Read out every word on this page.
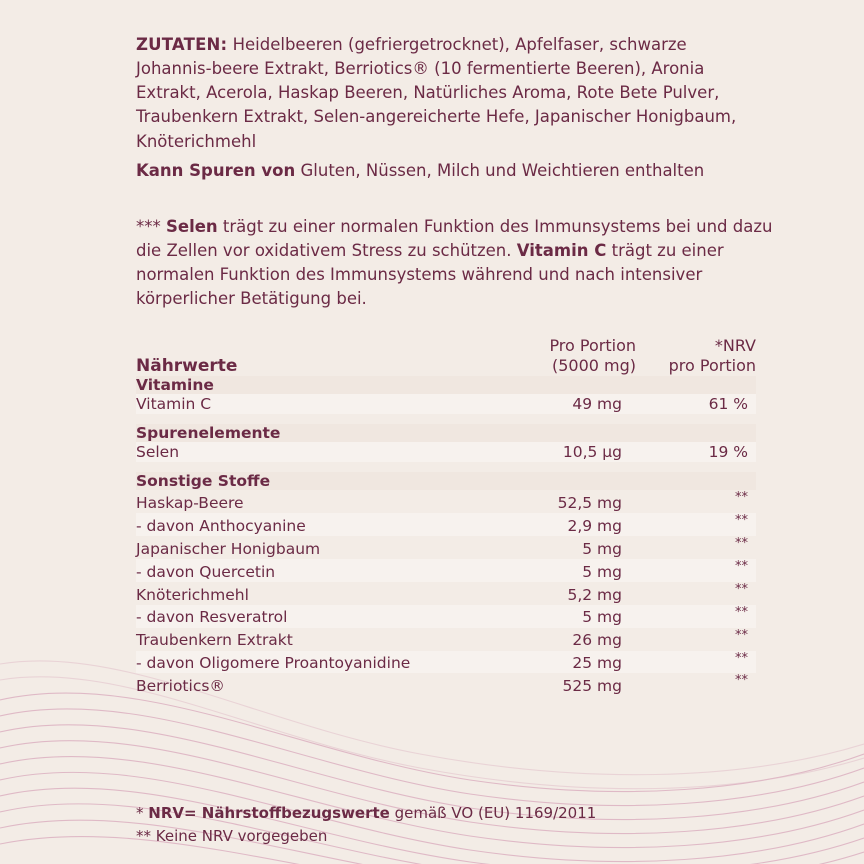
ZUTATEN: Heidelbeeren (gefriergetrocknet), Apfelfaser, schwarze Johannis-beere Extrakt, Berriotics® (10 fermentierte Beeren), Aronia Extrakt, Acerola, Haskap Beeren, Natürliches Aroma, Rote Bete Pulver, Traubenkern Extrakt, Selen-angereicherte Hefe, Japanischer Honigbaum, Knöterichmehl

Kann Spuren von Gluten, Nüssen, Milch und Weichtieren enthalten

*** Selen trägt zu einer normalen Funktion des Immunsystems bei und dazu die Zellen vor oxidativem Stress zu schützen. Vitamin C trägt zu einer normalen Funktion des Immunsystems während und nach intensiver körperlicher Betätigung bei.

Nährwerte	
Pro Portion
(5000 mg)

*NRV
pro Portion

Vitamine		
Vitamin C	49 mg	61 %

Spurenelemente		
Selen	10,5 µg	19 %

Sonstige Stoffe		
Haskap-Beere	52,5 mg	**
- davon Anthocyanine	2,9 mg	**
Japanischer Honigbaum	5 mg	**
- davon Quercetin	5 mg	**
Knöterichmehl	5,2 mg	**
- davon Resveratrol	5 mg	**
Traubenkern Extrakt	26 mg	**
- davon Oligomere Proantoyanidine	25 mg	**
Berriotics®	525 mg	**
* NRV= Nährstoffbezugswerte gemäß VO (EU) 1169/2011
** Keine NRV vorgegeben
